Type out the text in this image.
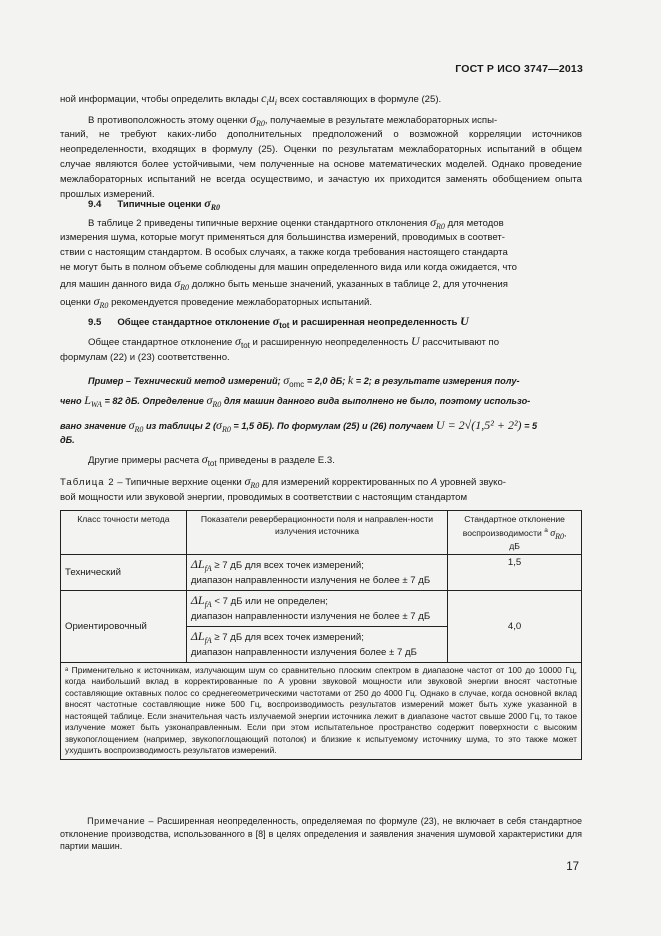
ГОСТ Р ИСО 3747—2013
ной информации, чтобы определить вклады $c_iu_i$ всех составляющих в формуле (25).
В противоположность этому оценки $\sigma_{R0}$, получаемые в результате межлабораторных испы-
таний, не требуют каких-либо дополнительных предположений о возможной корреляции источников неопределенности, входящих в формулу (25). Оценки по результатам межлабораторных испытаний в общем случае являются более устойчивыми, чем полученные на основе математических моделей. Однако проведение межлабораторных испытаний не всегда осуществимо, и зачастую их приходится заменять обобщением опыта прошлых измерений.
9.4 Типичные оценки $\sigma_{R0}$
В таблице 2 приведены типичные верхние оценки стандартного отклонения $\sigma_{R0}$ для методов
измерения шума, которые могут применяться для большинства измерений, проводимых в соответ-
ствии с настоящим стандартом. В особых случаях, а также когда требования настоящего стандарта
не могут быть в полном объеме соблюдены для машин определенного вида или когда ожидается, что
для машин данного вида $\sigma_{R0}$ должно быть меньше значений, указанных в таблице 2, для уточнения
оценки $\sigma_{R0}$ рекомендуется проведение межлабораторных испытаний.
9.5 Общее стандартное отклонение $\sigma_{tot}$ и расширенная неопределенность U
Общее стандартное отклонение $\sigma_{tot}$ и расширенную неопределенность U рассчитывают по
формулам (22) и (23) соответственно.
Пример – Технический метод измерений; σomc = 2,0 дБ; k = 2; в результате измерения полу-
чено LWA = 82 дБ. Определение σR0 для машин данного вида выполнено не было, поэтому использо-
вано значение σR0 из таблицы 2 (σR0 = 1,5 дБ). По формулам (25) и (26) получаем U = 2√(1,5² + 2²) = 5
дБ.
Другие примеры расчета $\sigma_{tot}$ приведены в разделе Е.3.
Таблица 2 – Типичные верхние оценки $\sigma_{R0}$ для измерений корректированных по A уровней звуко-
вой мощности или звуковой энергии, проводимых в соответствии с настоящим стандартом
Класс точности метода	Показатели реверберационности поля и направлен-ности излучения источника	Стандартное отклонение
воспроизводимости $^a$ σR0,
дБ
Технический	$\Delta L_{fA} \ge 7$ дБ для всех точек измерений;
диапазон направленности излучения не более ± 7 дБ	1,5
Ориентировочный	$\Delta L_{fA} < 7$ дБ или не определен;
диапазон направленности излучения не более ± 7 дБ	4,0
	$\Delta L_{fA} \ge 7$ дБ для всех точек измерений;
диапазон направленности излучения более ± 7 дБ	
ᵃ Применительно к источникам, излучающим шум со сравнительно плоским спектром в диапазоне частот от 100 до 10000 Гц, когда наибольший вклад в корректированные по A уровни звуковой мощности или звуковой энергии вносят частотные составляющие октавных полос со среднегеометрическими частотами от 250 до 4000 Гц. Однако в случае, когда основной вклад вносят частотные составляющие ниже 500 Гц, воспроизводимость результатов измерений может быть хуже указанной в настоящей таблице. Если значительная часть излучаемой энергии источника лежит в диапазоне частот свыше 2000 Гц, то такое излучение может быть узконаправленным. Если при этом испытательное пространство содержит поверхности с высоким звукопоглощением (например, звукопоглощающий потолок) и близкие к испытуемому источнику шума, то это также может ухудшить воспроизводимость результатов измерений.		
Примечание – Расширенная неопределенность, определяемая по формуле (23), не включает в себя стандартное отклонение производства, использованного в [8] в целях определения и заявления значения шумовой характеристики для партии машин.
17
